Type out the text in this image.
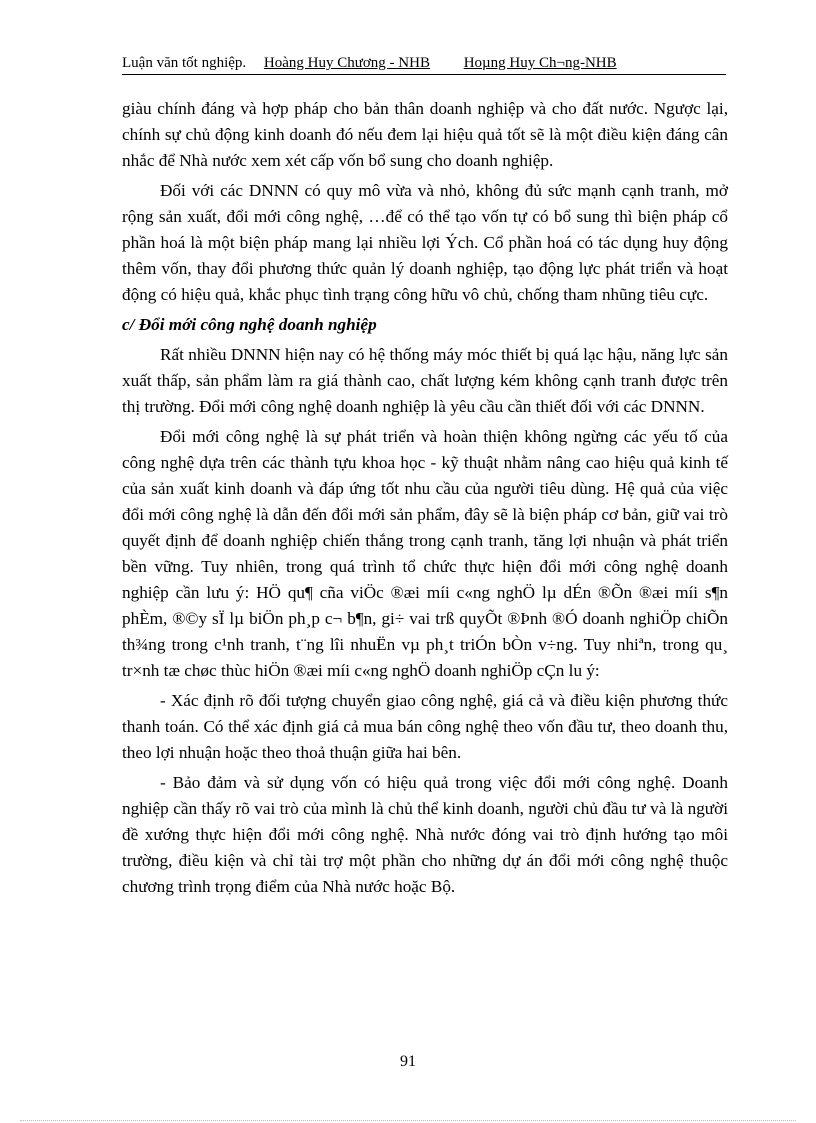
Luận văn tốt nghiệp. Hoàng Huy Chương - NHB Hoµng Huy Ch¬ng-NHB

giàu chính đáng và hợp pháp cho bản thân doanh nghiệp và cho đất nước. Ngược lại, chính sự chủ động kinh doanh đó nếu đem lại hiệu quả tốt sẽ là một điều kiện đáng cân nhắc để Nhà nước xem xét cấp vốn bổ sung cho doanh nghiệp.

Đối với các DNNN có quy mô vừa và nhỏ, không đủ sức mạnh cạnh tranh, mở rộng sản xuất, đổi mới công nghệ, …để có thể tạo vốn tự có bổ sung thì biện pháp cổ phần hoá là một biện pháp mang lại nhiều lợi Ých. Cổ phần hoá có tác dụng huy động thêm vốn, thay đổi phương thức quản lý doanh nghiệp, tạo động lực phát triển và hoạt động có hiệu quả, khắc phục tình trạng công hữu vô chủ, chống tham nhũng tiêu cực.

c/ Đổi mới công nghệ doanh nghiệp

Rất nhiều DNNN hiện nay có hệ thống máy móc thiết bị quá lạc hậu, năng lực sản xuất thấp, sản phẩm làm ra giá thành cao, chất lượng kém không cạnh tranh được trên thị trường. Đổi mới công nghệ doanh nghiệp là yêu cầu cần thiết đối với các DNNN.

Đổi mới công nghệ là sự phát triển và hoàn thiện không ngừng các yếu tố của công nghệ dựa trên các thành tựu khoa học - kỹ thuật nhằm nâng cao hiệu quả kinh tế của sản xuất kinh doanh và đáp ứng tốt nhu cầu của người tiêu dùng. Hệ quả của việc đổi mới công nghệ là dẫn đến đổi mới sản phẩm, đây sẽ là biện pháp cơ bản, giữ vai trò quyết định để doanh nghiệp chiến thắng trong cạnh tranh, tăng lợi nhuận và phát triển bền vững. Tuy nhiên, trong quá trình tổ chức thực hiện đổi mới công nghệ doanh nghiệp cần lưu ý: HÖ qu¶ cña viÖc ®æi míi c«ng nghÖ lµ dÉn ®Õn ®æi míi s¶n phÈm, ®©y sÏ lµ biÖn ph¸p c¬ b¶n, gi÷ vai trß quyÕt ®Þnh ®Ó doanh nghiÖp chiÕn th¾ng trong c¹nh tranh, t¨ng lîi nhuËn vµ ph¸t triÓn bÒn v÷ng. Tuy nhiªn, trong qu¸ tr×nh tæ chøc thùc hiÖn ®æi míi c«ng nghÖ doanh nghiÖp cÇn lu ý:

- Xác định rõ đối tượng chuyển giao công nghệ, giá cả và điều kiện phương thức thanh toán. Có thể xác định giá cả mua bán công nghệ theo vốn đầu tư, theo doanh thu, theo lợi nhuận hoặc theo thoả thuận giữa hai bên.

- Bảo đảm và sử dụng vốn có hiệu quả trong việc đổi mới công nghệ. Doanh nghiệp cần thấy rõ vai trò của mình là chủ thể kinh doanh, người chủ đầu tư và là người đề xướng thực hiện đổi mới công nghệ. Nhà nước đóng vai trò định hướng tạo môi trường, điều kiện và chỉ tài trợ một phần cho những dự án đổi mới công nghệ thuộc chương trình trọng điểm của Nhà nước hoặc Bộ.

91
